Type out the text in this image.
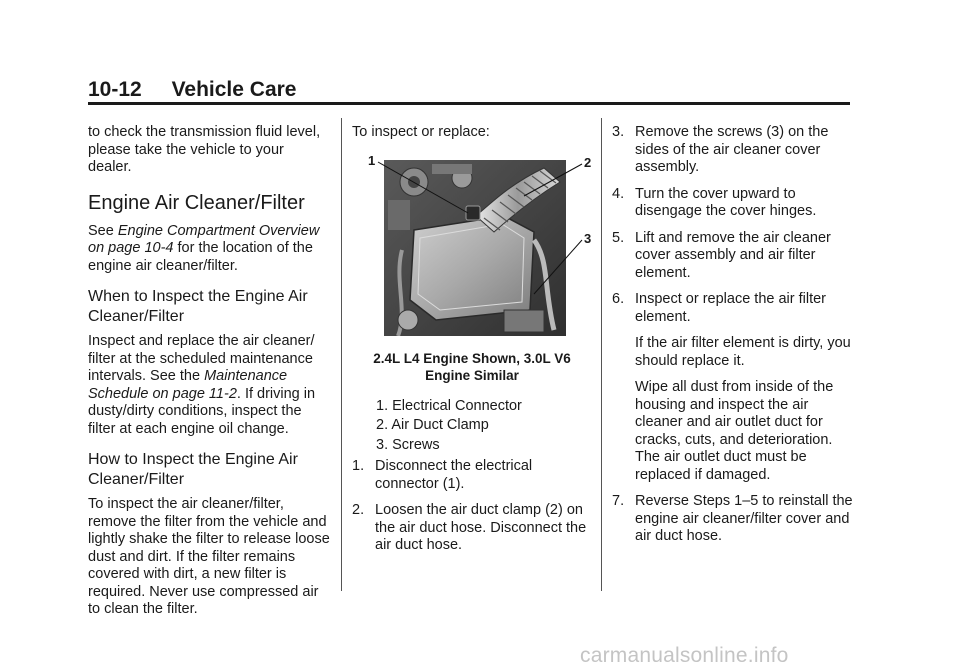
10-12 Vehicle Care

to check the transmission fluid level, please take the vehicle to your dealer.

Engine Air Cleaner/Filter

See Engine Compartment Overview on page 10-4 for the location of the engine air cleaner/filter.

When to Inspect the Engine Air Cleaner/Filter

Inspect and replace the air cleaner/ filter at the scheduled maintenance intervals. See the Maintenance Schedule on page 11-2. If driving in dusty/dirty conditions, inspect the filter at each engine oil change.

How to Inspect the Engine Air Cleaner/Filter

To inspect the air cleaner/filter, remove the filter from the vehicle and lightly shake the filter to release loose dust and dirt. If the filter remains covered with dirt, a new filter is required. Never use compressed air to clean the filter.

To inspect or replace:

1	2
3
2.4L L4 Engine Shown, 3.0L V6 Engine Similar
1. Electrical Connector
2. Air Duct Clamp
3. Screws
1. Disconnect the electrical connector (1).
2. Loosen the air duct clamp (2) on the air duct hose. Disconnect the air duct hose.
3. Remove the screws (3) on the sides of the air cleaner cover assembly.
4. Turn the cover upward to disengage the cover hinges.
5. Lift and remove the air cleaner cover assembly and air filter element.
6. Inspect or replace the air filter element.

If the air filter element is dirty, you should replace it.

Wipe all dust from inside of the housing and inspect the air cleaner and air outlet duct for cracks, cuts, and deterioration. The air outlet duct must be replaced if damaged.

7. Reverse Steps 1–5 to reinstall the engine air cleaner/filter cover and air duct hose.
carmanualsonline.info
